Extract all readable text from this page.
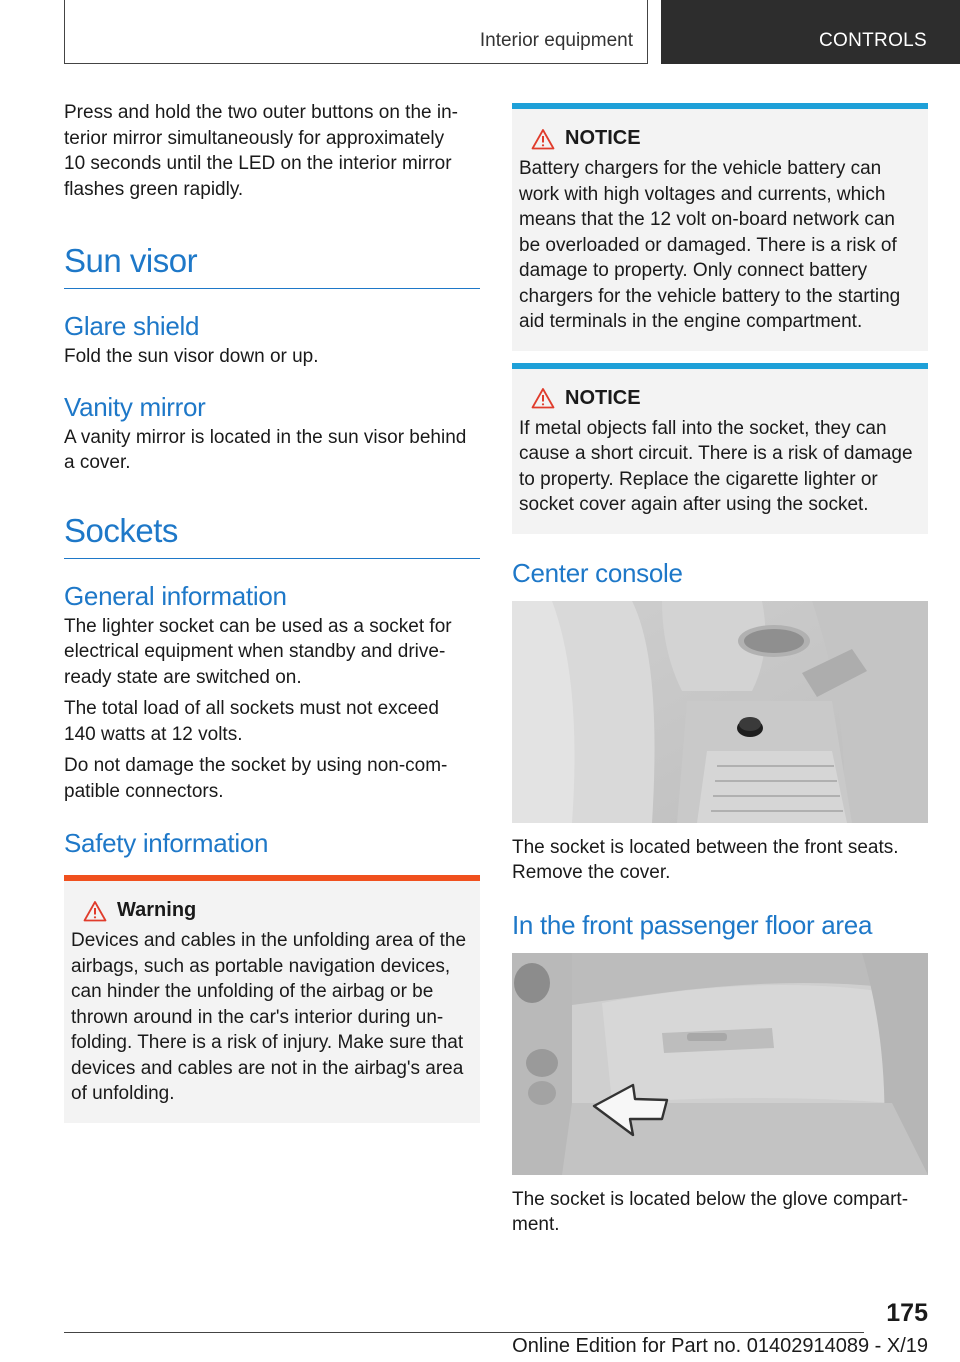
Interior equipment	CONTROLS

Press and hold the two outer buttons on the in-
terior mirror simultaneously for approximately
10 seconds until the LED on the interior mirror
flashes green rapidly.

Sun visor
Glare shield

Fold the sun visor down or up.

Vanity mirror

A vanity mirror is located in the sun visor behind
a cover.

Sockets
General information

The lighter socket can be used as a socket for
electrical equipment when standby and drive-
ready state are switched on.

The total load of all sockets must not exceed
140 watts at 12 volts.

Do not damage the socket by using non-com-
patible connectors.

Safety information
Warning

Devices and cables in the unfolding area of the
airbags, such as portable navigation devices,
can hinder the unfolding of the airbag or be
thrown around in the car's interior during un-
folding. There is a risk of injury. Make sure that
devices and cables are not in the airbag's area
of unfolding.

NOTICE

Battery chargers for the vehicle battery can
work with high voltages and currents, which
means that the 12 volt on-board network can
be overloaded or damaged. There is a risk of
damage to property. Only connect battery
chargers for the vehicle battery to the starting
aid terminals in the engine compartment.

NOTICE

If metal objects fall into the socket, they can
cause a short circuit. There is a risk of damage
to property. Replace the cigarette lighter or
socket cover again after using the socket.

Center console

The socket is located between the front seats.
Remove the cover.

In the front passenger floor area

The socket is located below the glove compart-
ment.

175
Online Edition for Part no. 01402914089 - X/19
